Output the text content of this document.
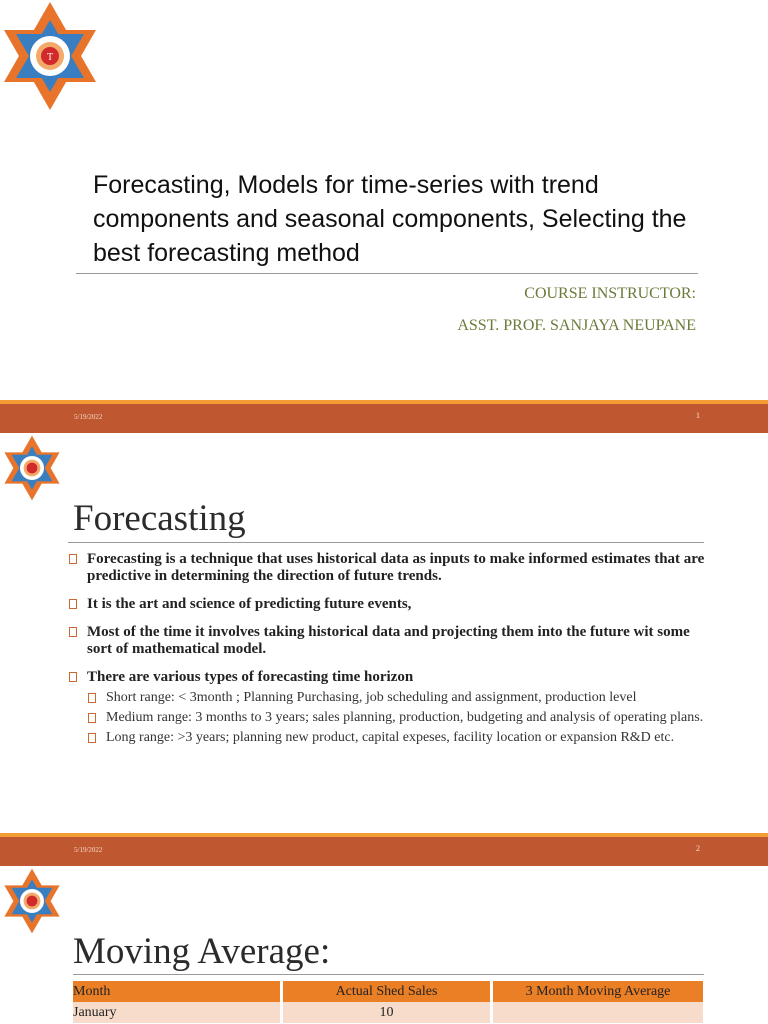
T
Forecasting, Models for time-series with trend components and seasonal components, Selecting the best forecasting method
COURSE INSTRUCTOR:
ASST. PROF. SANJAYA NEUPANE
5/19/2022	1
Forecasting
Forecasting is a technique that uses historical data as inputs to make informed estimates that are predictive in determining the direction of future trends.
It is the art and science of predicting future events,
Most of the time it involves taking historical data and projecting them into the future wit some sort of mathematical model.
There are various types of forecasting time horizon
Short range: < 3month ; Planning Purchasing, job scheduling and assignment, production level
Medium range: 3 months to 3 years; sales planning, production, budgeting and analysis of operating plans.
Long range: >3 years; planning new product, capital expeses, facility location or expansion R&D etc.
5/19/2022	2
Moving Average:
Month	Actual Shed Sales	3 Month Moving Average
January	10	
